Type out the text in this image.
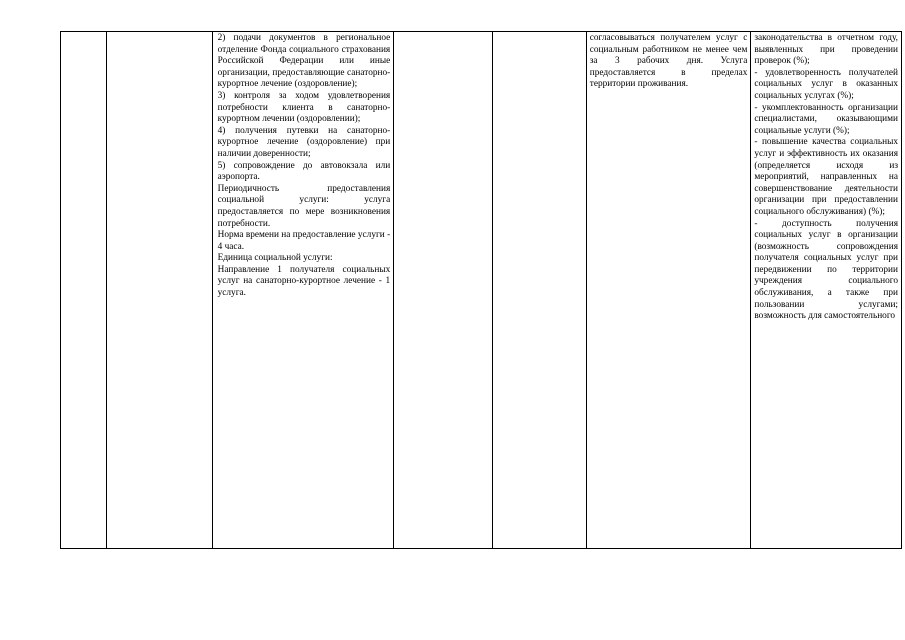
2) подачи документов в региональное отделение Фонда социального страхования Российской Федерации или иные организации, предоставляющие санаторно-курортное лечение (оздоровление);
3) контроля за ходом удовлетворения потребности клиента в санаторно-курортном лечении (оздоровлении);
4) получения путевки на санаторно-курортное лечение (оздоровление) при наличии доверенности;
5) сопровождение до автовокзала или аэропорта.
Периодичность предоставления социальной услуги: услуга предоставляется по мере возникновения потребности.
Норма времени на предоставление услуги - 4 часа.
Единица социальной услуги:
Направление 1 получателя социальных услуг на санаторно-курортное лечение - 1 услуга.
согласовываться получателем услуг с социальным работником не менее чем за 3 рабочих дня. Услуга предоставляется в пределах территории проживания.
законодательства в отчетном году, выявленных при проведении проверок (%);
- удовлетворенность получателей социальных услуг в оказанных социальных услугах (%);
- укомплектованность организации специалистами, оказывающими социальные услуги (%);
- повышение качества социальных услуг и эффективность их оказания (определяется исходя из мероприятий, направленных на совершенствование деятельности организации при предоставлении социального обслуживания) (%);
- доступность получения социальных услуг в организации (возможность сопровождения получателя социальных услуг при передвижении по территории учреждения социального обслуживания, а также при пользовании услугами; возможность для самостоятельного
